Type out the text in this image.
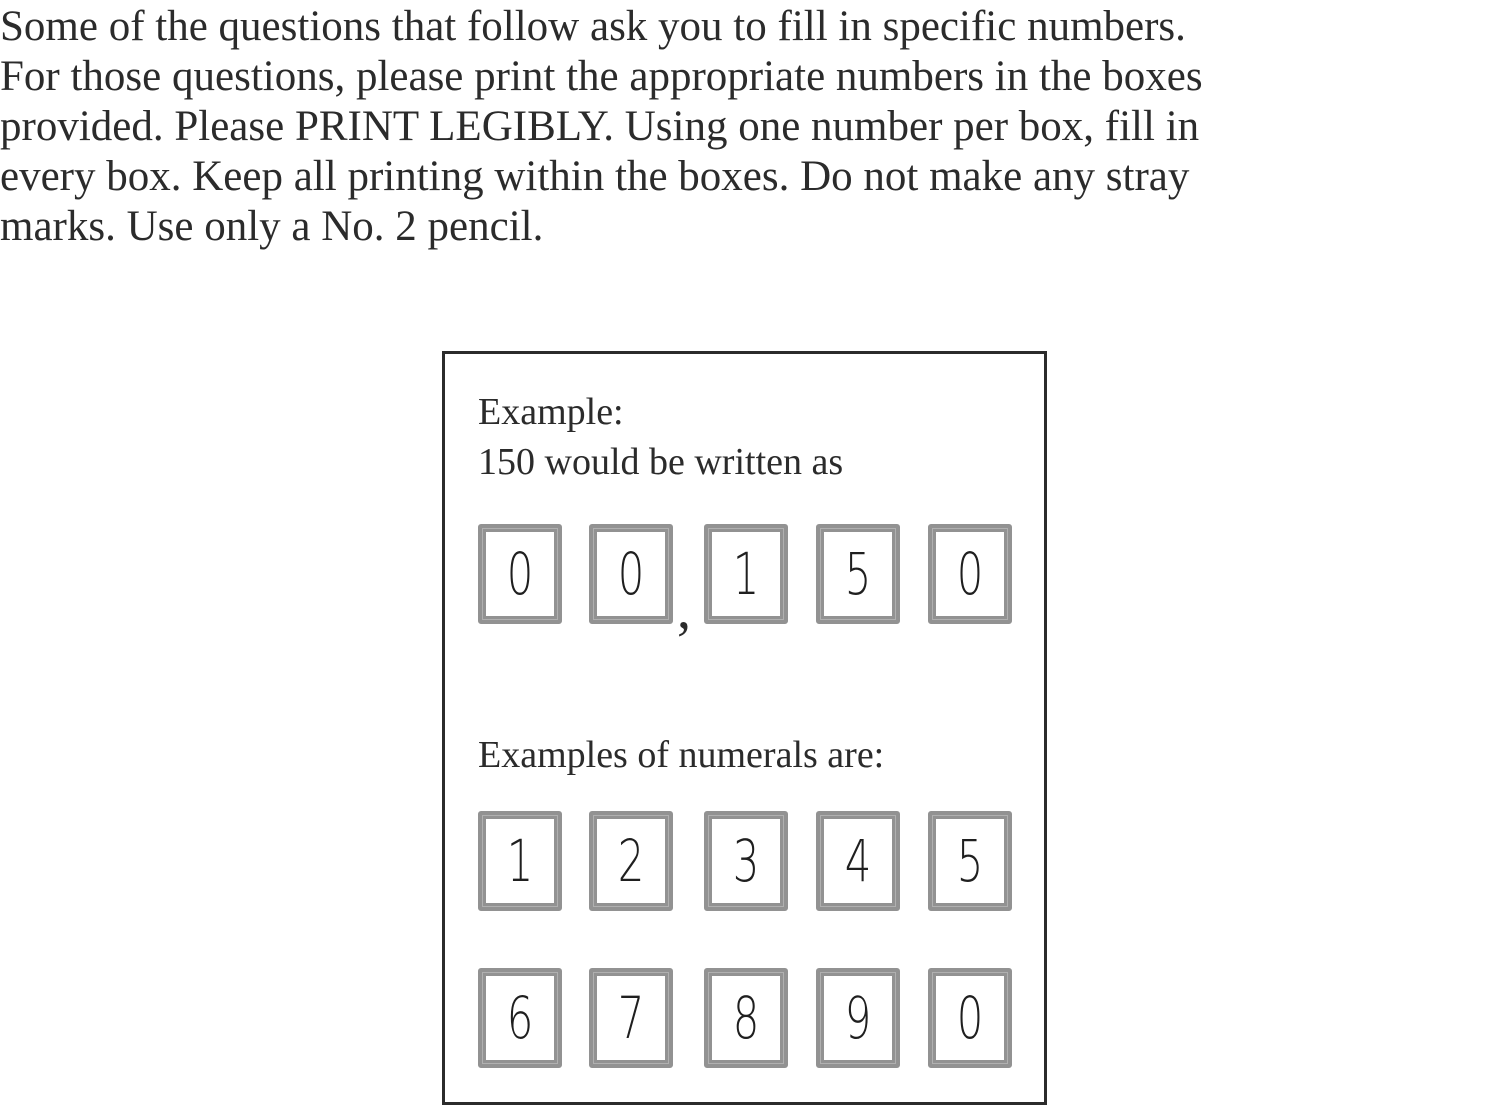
Some of the questions that follow ask you to fill in specific numbers.
For those questions, please print the appropriate numbers in the boxes
provided. Please PRINT LEGIBLY. Using one number per box, fill in
every box. Keep all printing within the boxes. Do not make any stray
marks. Use only a No. 2 pencil.
Example:
150 would be written as
0 0
,
1 5 0
Examples of numerals are:
1 2 3 4 5
6 7 8 9 0
